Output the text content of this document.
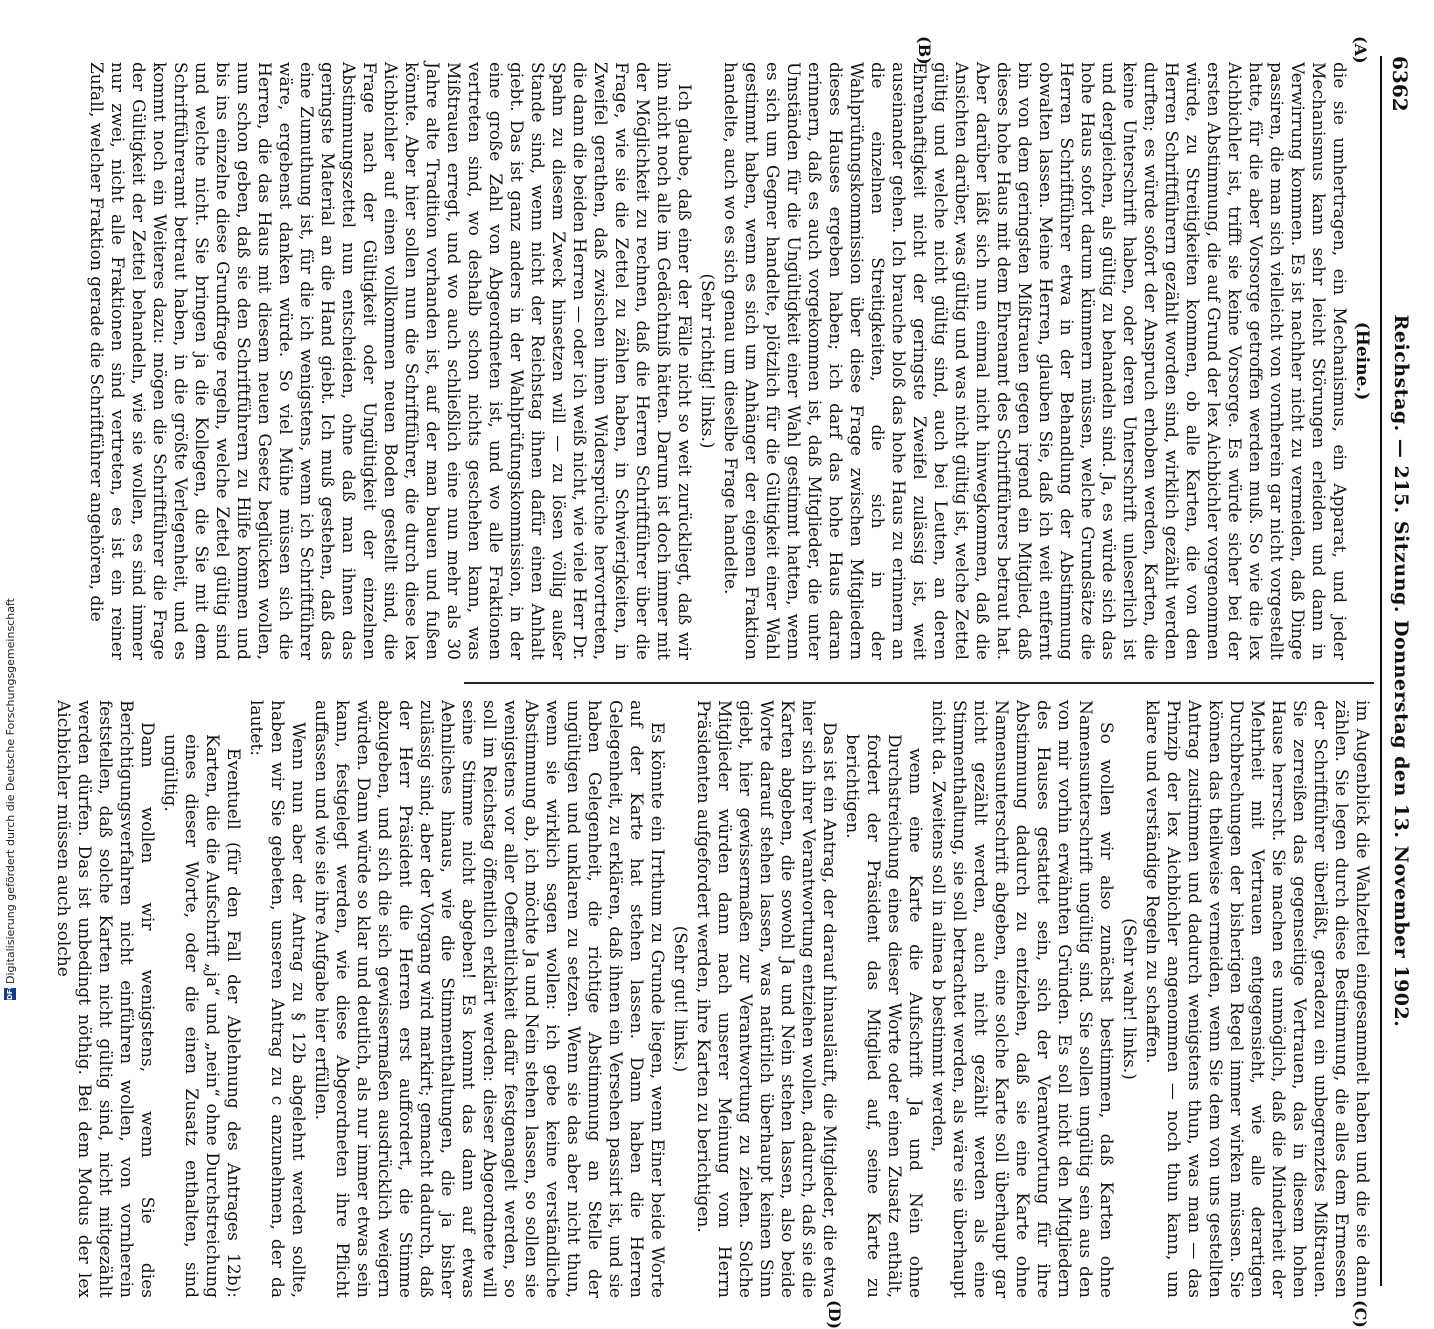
6362
Reichstag. — 215. Sitzung. Donnerstag den 13. November 1902.
(A)
(B)
(C)
(D)

(Heine.)

die sie umhertragen, ein Mechanismus, ein Apparat, und jeder Mechanismus kann sehr leicht Störungen erleiden und dann in Verwirrung kommen. Es ist nachher nicht zu vermeiden, daß Dinge passiren, die man sich vielleicht von vornherein gar nicht vorgestellt hatte, für die aber Vorsorge getroffen werden muß. So wie die lex Aichbichler ist, trifft sie keine Vorsorge. Es würde sicher bei der ersten Abstimmung, die auf Grund der lex Aichbichler vorgenommen würde, zu Streitigkeiten kommen, ob alle Karten, die von den Herren Schriftführern gezählt worden sind, wirklich gezählt werden durften; es würde sofort der Anspruch erhoben werden, Karten, die keine Unterschrift haben, oder deren Unterschrift unleserlich ist und dergleichen, als gültig zu behandeln sind. Ja, es würde sich das hohe Haus sofort darum kümmern müssen, welche Grundsätze die Herren Schriftführer etwa in der Behandlung der Abstimmung obwalten lassen. Meine Herren, glauben Sie, daß ich weit entfernt bin von dem geringsten Mißtrauen gegen irgend ein Mitglied, daß dieses hohe Haus mit dem Ehrenamt des Schriftführers betraut hat. Aber darüber läßt sich nun einmal nicht hinwegkommen, daß die Ansichten darüber, was gültig und was nicht gültig ist, welche Zettel gültig und welche nicht gültig sind, auch bei Leuten, an deren Ehrenhaftigkeit nicht der geringste Zweifel zulässig ist, weit auseinander gehen. Ich brauche bloß das hohe Haus zu erinnern an die einzelnen Streitigkeiten, die sich in der Wahlprüfungskommission über diese Frage zwischen Mitgliedern dieses Hauses ergeben haben; ich darf das hohe Haus daran erinnern, daß es auch vorgekommen ist, daß Mitglieder, die unter Umständen für die Ungültigkeit einer Wahl gestimmt hatten, wenn es sich um Gegner handelte, plötzlich für die Gültigkeit einer Wahl gestimmt haben, wenn es sich um Anhänger der eigenen Fraktion handelte, auch wo es sich genau um dieselbe Frage handelte.

(Sehr richtig! links.)

Ich glaube, daß einer der Fälle nicht so weit zurückliegt, daß wir ihn nicht noch alle im Gedächtniß hätten. Darum ist doch immer mit der Möglichkeit zu rechnen, daß die Herren Schriftführer über die Frage, wie sie die Zettel zu zählen haben, in Schwierigkeiten, in Zweifel gerathen, daß zwischen ihnen Widersprüche hervortreten, die dann die beiden Herren — oder ich weiß nicht, wie viele Herr Dr. Spahn zu diesem Zweck hinsetzen will — zu lösen völlig außer Stande sind, wenn nicht der Reichstag ihnen dafür einen Anhalt giebt. Das ist ganz anders in der Wahlprüfungskommission, in der eine große Zahl von Abgeordneten ist, und wo alle Fraktionen vertreten sind, wo deshalb schon nichts geschehen kann, was Mißtrauen erregt, und wo auch schließlich eine nun mehr als 30 Jahre alte Tradition vorhanden ist, auf der man bauen und fußen könnte. Aber hier sollen nun die Schriftführer, die durch diese lex Aichbichler auf einen vollkommen neuen Boden gestellt sind, die Frage nach der Gültigkeit oder Ungültigkeit der einzelnen Abstimmungszettel nun entscheiden, ohne daß man ihnen das geringste Material an die Hand giebt. Ich muß gestehen, daß das eine Zumuthung ist, für die ich wenigstens, wenn ich Schriftführer wäre, ergebenst danken würde. So viel Mühe müssen sich die Herren, die das Haus mit diesem neuen Gesetz beglücken wollen, nun schon geben, daß sie den Schriftführern zu Hilfe kommen und bis ins einzelne diese Grundfrage regeln, welche Zettel gültig sind und welche nicht. Sie bringen ja die Kollegen, die Sie mit dem Schriftführeramt betraut haben, in die größte Verlegenheit, und es kommt noch ein Weiteres dazu: mögen die Schriftführer die Frage der Gültigkeit der Zettel behandeln, wie sie wollen, es sind immer nur zwei, nicht alle Fraktionen sind vertreten, es ist ein reiner Zufall, welcher Fraktion gerade die Schriftführer angehören, die

im Augenblick die Wahlzettel eingesammelt haben und die sie dann zählen. Sie legen durch diese Bestimmung, die alles dem Ermessen der Schriftführer überläßt, geradezu ein unbegrenztes Mißtrauen. Sie zerreißen das gegenseitige Vertrauen, das in diesem hohen Hause herrscht. Sie machen es unmöglich, daß die Minderheit der Mehrheit mit Vertrauen entgegensieht, wie alle derartigen Durchbrechungen der bisherigen Regel immer wirken müssen. Sie können das theilweise vermeiden, wenn Sie dem von uns gestellten Antrag zustimmen und dadurch wenigstens thun, was man — das Prinzip der lex Aichbichler angenommen — noch thun kann, um klare und verständige Regeln zu schaffen.

(Sehr wahr! links.)

So wollen wir also zunächst bestimmen, daß Karten ohne Namensunterschrift ungültig sind. Sie sollen ungültig sein aus den von mir vorhin erwähnten Gründen. Es soll nicht den Mitgliedern des Hauses gestattet sein, sich der Verantwortung für ihre Abstimmung dadurch zu entziehen, daß sie eine Karte ohne Namensunterschrift abgeben, eine solche Karte soll überhaupt gar nicht gezählt werden, auch nicht gezählt werden als eine Stimmenthaltung, sie soll betrachtet werden, als wäre sie überhaupt nicht da. Zweitens soll in alinea b bestimmt werden,

wenn eine Karte die Aufschrift Ja und Nein ohne Durchstreichung eines dieser Worte oder einen Zusatz enthält, fordert der Präsident das Mitglied auf, seine Karte zu berichtigen.

Das ist ein Antrag, der darauf hinausläuft, die Mitglieder, die etwa hier sich ihrer Verantwortung entziehen wollen, dadurch, daß sie die Karten abgeben, die sowohl Ja und Nein stehen lassen, also beide Worte darauf stehen lassen, was natürlich überhaupt keinen Sinn giebt, hier gewissermaßen zur Verantwortung zu ziehen. Solche Mitglieder würden dann nach unserer Meinung vom Herrn Präsidenten aufgefordert werden, ihre Karten zu berichtigen.

(Sehr gut! links.)

Es könnte ein Irrthum zu Grunde liegen, wenn Einer beide Worte auf der Karte hat stehen lassen. Dann haben die Herren Gelegenheit, zu erklären, daß ihnen ein Versehen passirt ist, und sie haben Gelegenheit, die richtige Abstimmung an Stelle der ungültigen und unklaren zu setzen. Wenn sie das aber nicht thun, wenn sie wirklich sagen wollen: ich gebe keine verständliche Abstimmung ab, ich möchte Ja und Nein stehen lassen, so sollen sie wenigstens vor aller Oeffentlichkeit dafür festgenagelt werden, so soll im Reichstag öffentlich erklärt werden: dieser Abgeordnete will seine Stimme nicht abgeben! Es kommt das dann auf etwas Aehnliches hinaus, wie die Stimmenthaltungen, die ja bisher zulässig sind; aber der Vorgang wird markirt; gemacht dadurch, daß der Herr Präsident die Herren erst auffordert, die Stimme abzugeben, und sich die sich gewissermaßen ausdrücklich weigern würden. Dann würde so klar und deutlich, als nur immer etwas sein kann, festgelegt werden, wie diese Abgeordneten ihre Pflicht auffassen und wie sie ihre Aufgabe hier erfüllen.

Wenn nun aber der Antrag zu § 12b abgelehnt werden sollte, haben wir Sie gebeten, unseren Antrag zu c anzunehmen, der da lautet:

Eventuell (für den Fall der Ablehnung des Antrages 12b): Karten, die die Aufschrift „ja“ und „nein“ ohne Durchstreichung eines dieser Worte, oder die einen Zusatz enthalten, sind ungültig.

Dann wollen wir wenigstens, wenn Sie dies Berichtigungsverfahren nicht einführen wollen, von vornherein feststellen, daß solche Karten nicht gültig sind, nicht mitgezählt werden dürfen. Das ist unbedingt nöthig. Bei dem Modus der lex Aichbichler müssen auch solche

DFG
Digitalisierung gefördert durch die Deutsche Forschungsgemeinschaft
